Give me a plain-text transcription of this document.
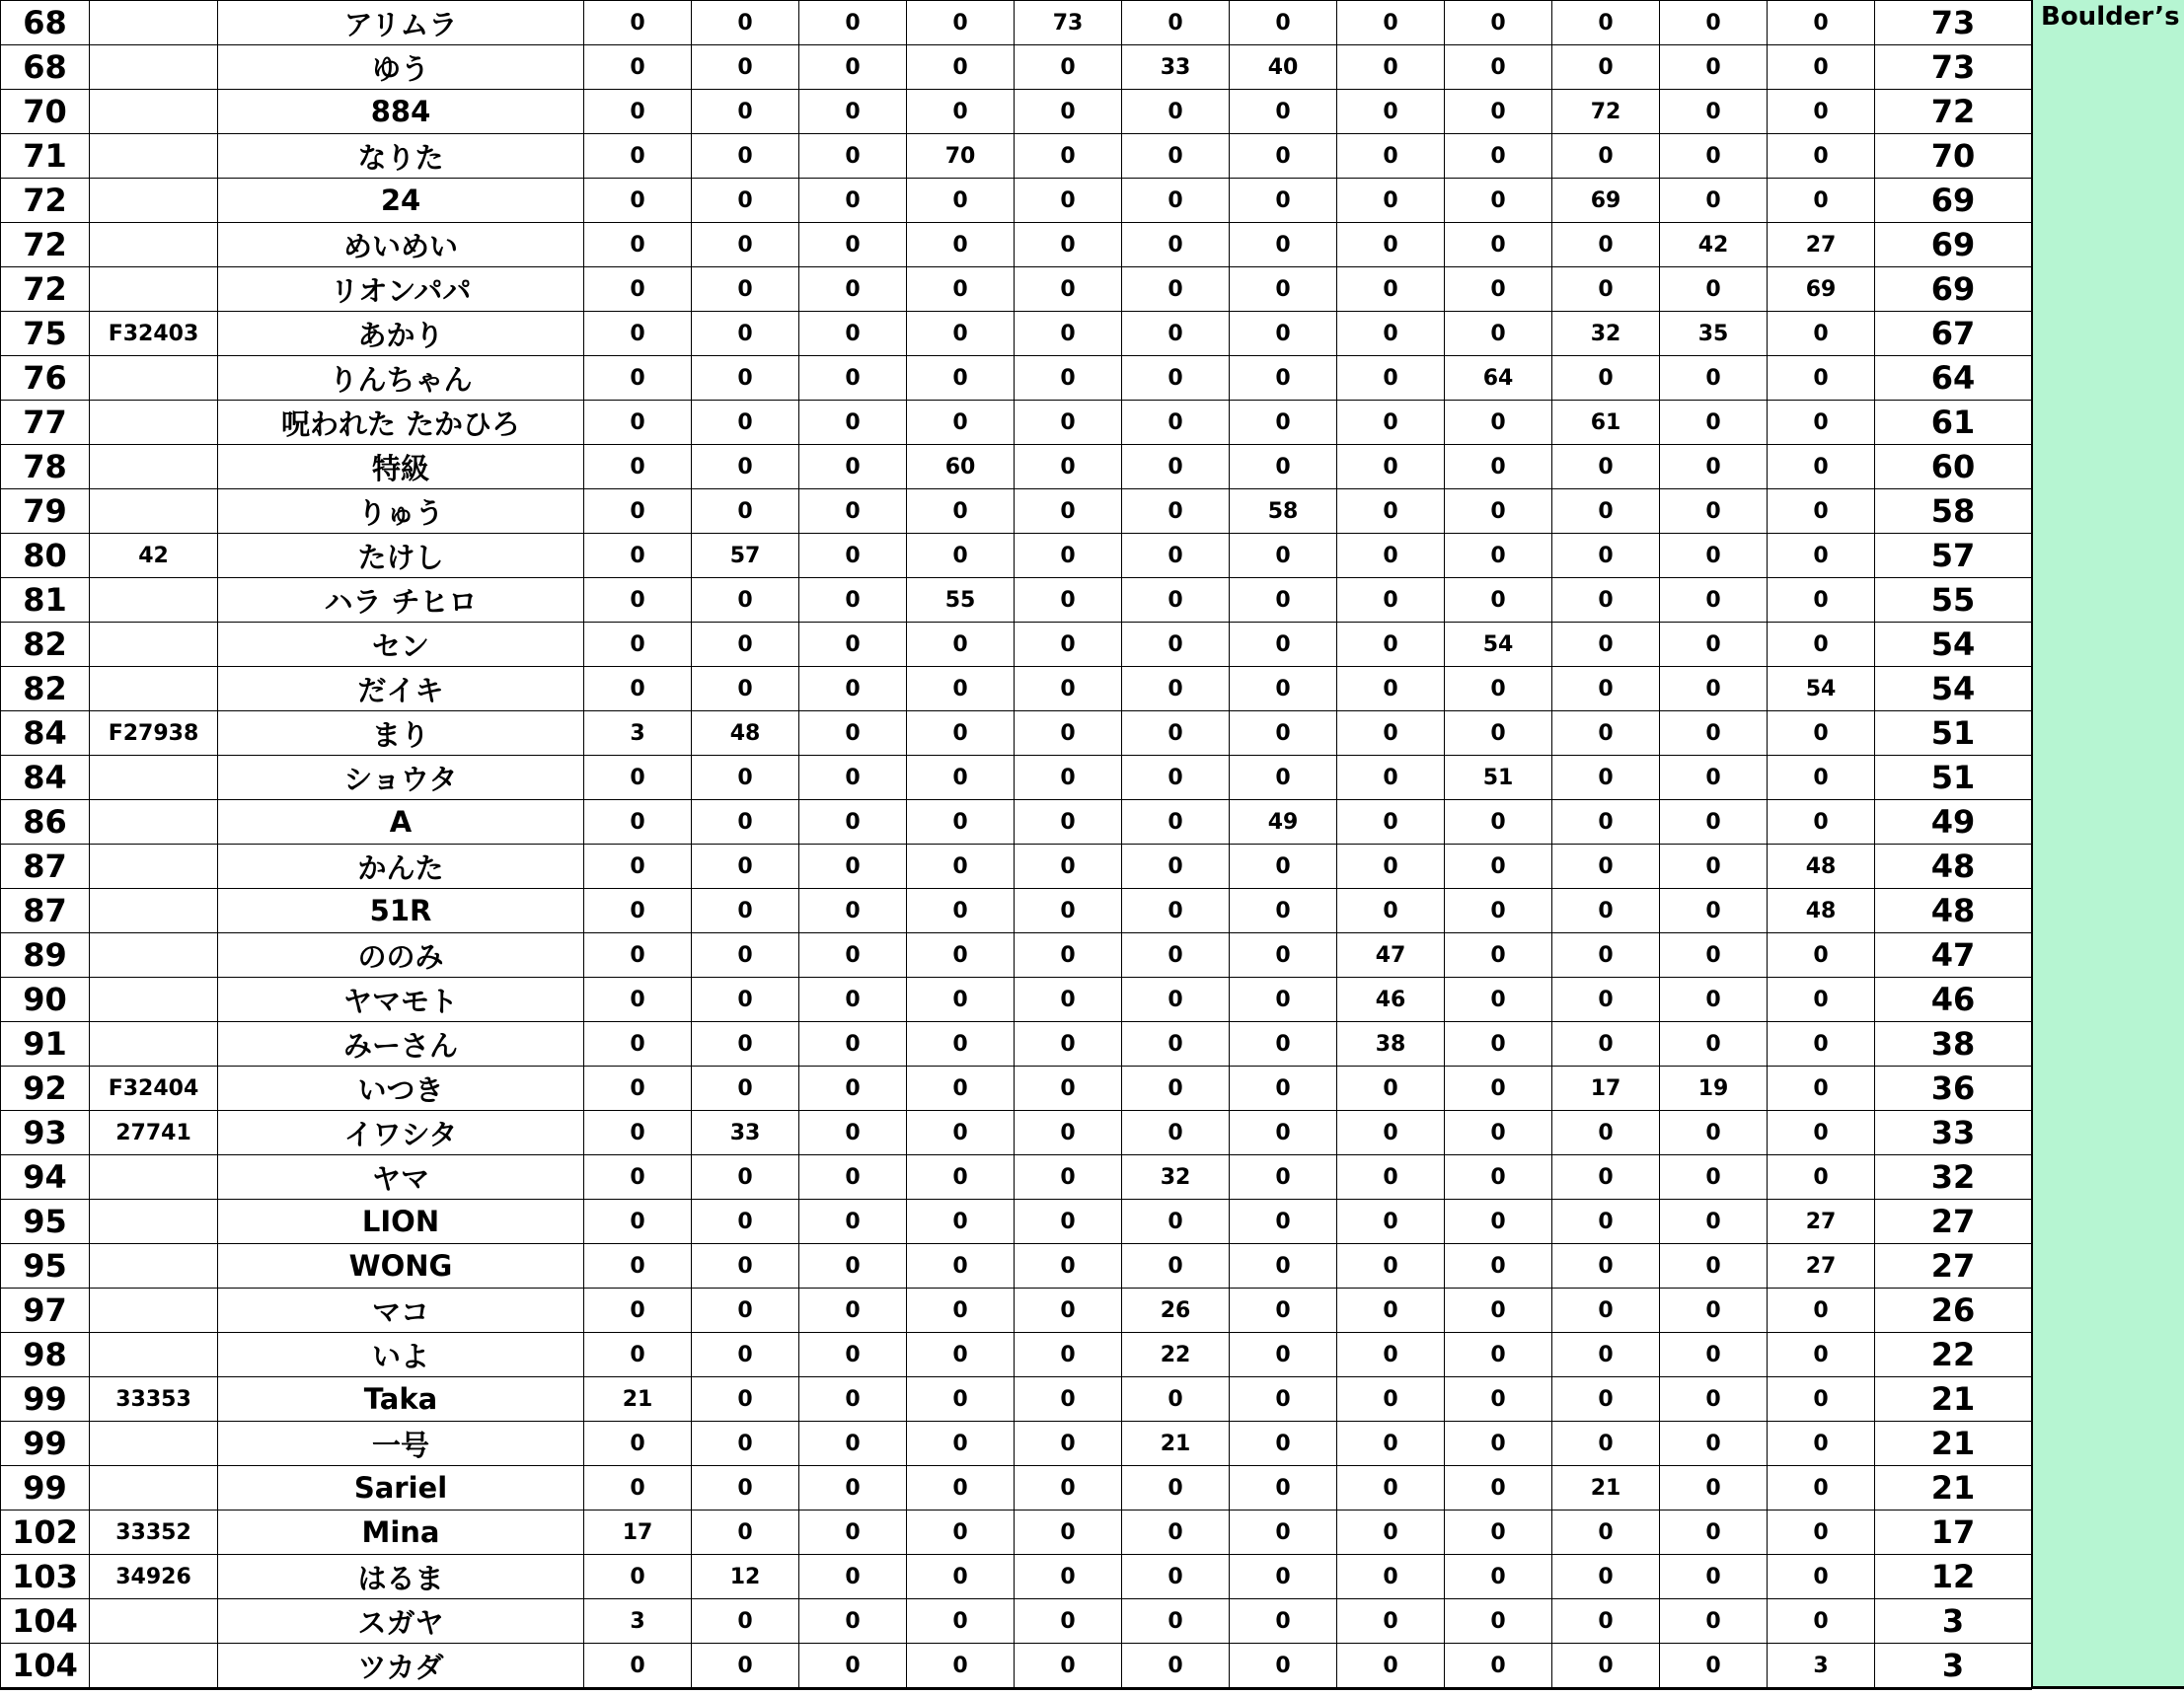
68		アリムラ	0	0	0	0	73	0	0	0	0	0	0	0	73
68		ゆう	0	0	0	0	0	33	40	0	0	0	0	0	73
70		884	0	0	0	0	0	0	0	0	0	72	0	0	72
71		なりた	0	0	0	70	0	0	0	0	0	0	0	0	70
72		24	0	0	0	0	0	0	0	0	0	69	0	0	69
72		めいめい	0	0	0	0	0	0	0	0	0	0	42	27	69
72		リオンパパ	0	0	0	0	0	0	0	0	0	0	0	69	69
75	F32403	あかり	0	0	0	0	0	0	0	0	0	32	35	0	67
76		りんちゃん	0	0	0	0	0	0	0	0	64	0	0	0	64
77		呪われた たかひろ	0	0	0	0	0	0	0	0	0	61	0	0	61
78		特級	0	0	0	60	0	0	0	0	0	0	0	0	60
79		りゅう	0	0	0	0	0	0	58	0	0	0	0	0	58
80	42	たけし	0	57	0	0	0	0	0	0	0	0	0	0	57
81		ハラ チヒロ	0	0	0	55	0	0	0	0	0	0	0	0	55
82		セン	0	0	0	0	0	0	0	0	54	0	0	0	54
82		だイキ	0	0	0	0	0	0	0	0	0	0	0	54	54
84	F27938	まり	3	48	0	0	0	0	0	0	0	0	0	0	51
84		ショウタ	0	0	0	0	0	0	0	0	51	0	0	0	51
86		A	0	0	0	0	0	0	49	0	0	0	0	0	49
87		かんた	0	0	0	0	0	0	0	0	0	0	0	48	48
87		51R	0	0	0	0	0	0	0	0	0	0	0	48	48
89		ののみ	0	0	0	0	0	0	0	47	0	0	0	0	47
90		ヤマモト	0	0	0	0	0	0	0	46	0	0	0	0	46
91		みーさん	0	0	0	0	0	0	0	38	0	0	0	0	38
92	F32404	いつき	0	0	0	0	0	0	0	0	0	17	19	0	36
93	27741	イワシタ	0	33	0	0	0	0	0	0	0	0	0	0	33
94		ヤマ	0	0	0	0	0	32	0	0	0	0	0	0	32
95		LION	0	0	0	0	0	0	0	0	0	0	0	27	27
95		WONG	0	0	0	0	0	0	0	0	0	0	0	27	27
97		マコ	0	0	0	0	0	26	0	0	0	0	0	0	26
98		いよ	0	0	0	0	0	22	0	0	0	0	0	0	22
99	33353	Taka	21	0	0	0	0	0	0	0	0	0	0	0	21
99		一号	0	0	0	0	0	21	0	0	0	0	0	0	21
99		Sariel	0	0	0	0	0	0	0	0	0	21	0	0	21
102	33352	Mina	17	0	0	0	0	0	0	0	0	0	0	0	17
103	34926	はるま	0	12	0	0	0	0	0	0	0	0	0	0	12
104		スガヤ	3	0	0	0	0	0	0	0	0	0	0	0	3
104		ツカダ	0	0	0	0	0	0	0	0	0	0	0	3	3
Boulder’s
